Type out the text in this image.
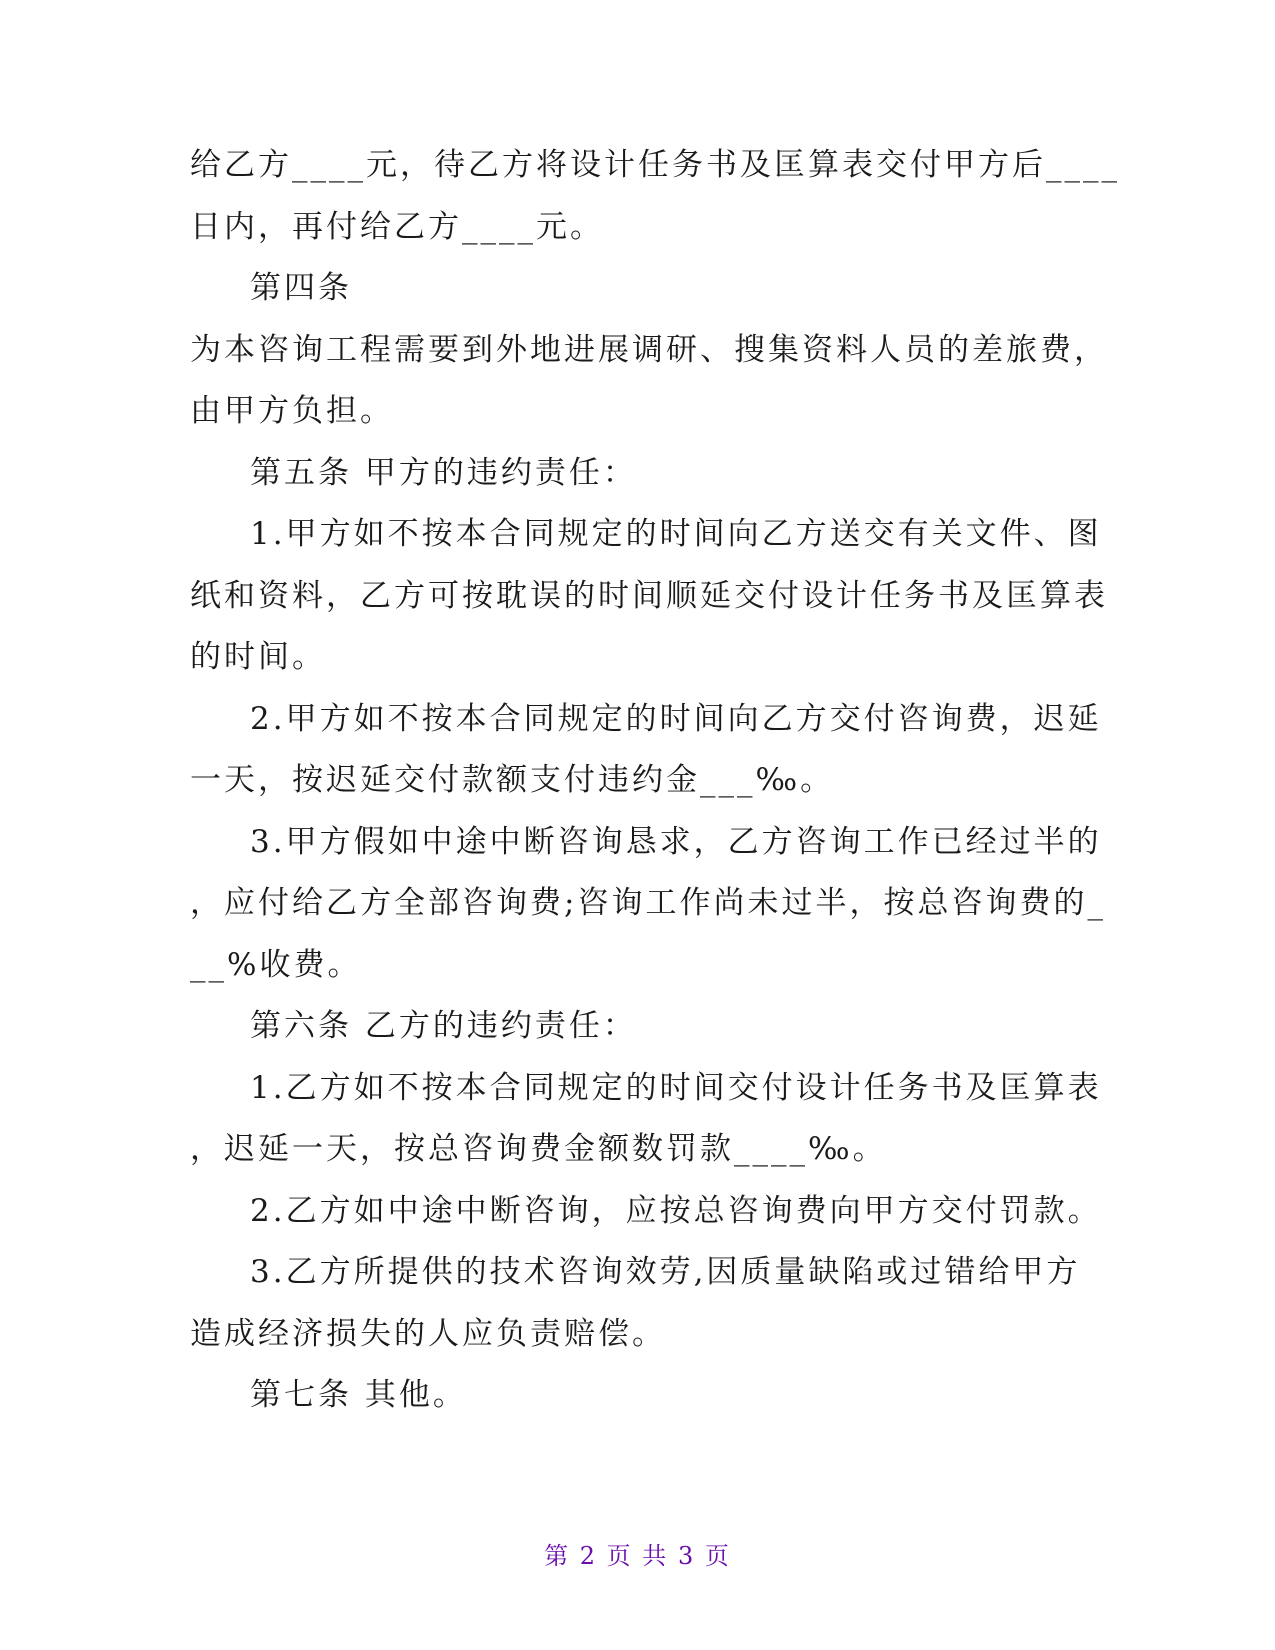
给乙方____元，待乙方将设计任务书及匡算表交付甲方后____
日内，再付给乙方____元。
第四条
为本咨询工程需要到外地进展调研、搜集资料人员的差旅费，
由甲方负担。
第五条 甲方的违约责任：
1.甲方如不按本合同规定的时间向乙方送交有关文件、图
纸和资料，乙方可按耽误的时间顺延交付设计任务书及匡算表
的时间。
2.甲方如不按本合同规定的时间向乙方交付咨询费，迟延
一天，按迟延交付款额支付违约金___‰。
3.甲方假如中途中断咨询恳求，乙方咨询工作已经过半的
，应付给乙方全部咨询费;咨询工作尚未过半，按总咨询费的_
__%收费。
第六条 乙方的违约责任：
1.乙方如不按本合同规定的时间交付设计任务书及匡算表
，迟延一天，按总咨询费金额数罚款____‰。
2.乙方如中途中断咨询，应按总咨询费向甲方交付罚款。
3.乙方所提供的技术咨询效劳,因质量缺陷或过错给甲方
造成经济损失的人应负责赔偿。
第七条 其他。
第 2 页 共 3 页
